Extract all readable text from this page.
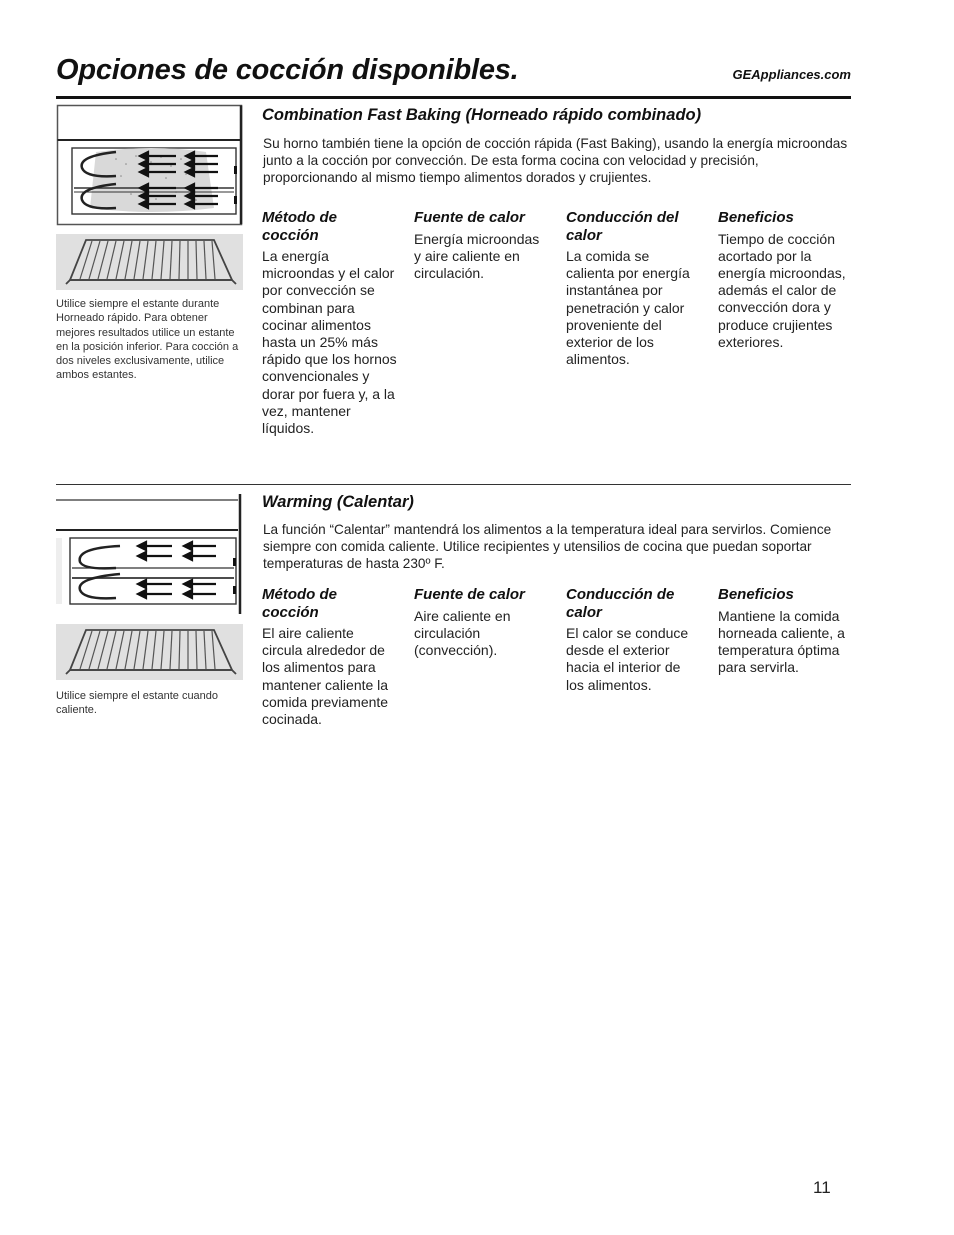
Opciones de cocción disponibles.	GEAppliances.com
Utilice siempre el estante durante Horneado rápido. Para obtener mejores resultados utilice un estante en la posición inferior. Para cocción a dos niveles exclusivamente, utilice ambos estantes.
Combination Fast Baking (Horneado rápido combinado)
Su horno también tiene la opción de cocción rápida (Fast Baking), usando la energía microondas junto a la cocción por convección. De esta forma cocina con velocidad y precisión, proporcionando al mismo tiempo alimentos dorados y crujientes.
Método de cocción
La energía microondas y el calor por convección se combinan para cocinar alimentos hasta un 25% más rápido que los hornos convencionales y dorar por fuera y, a la vez, mantener líquidos.
Fuente de calor
Energía microondas y aire caliente en circulación.
Conducción del calor
La comida se calienta por energía instantánea por penetración y calor proveniente del exterior de los alimentos.
Beneficios
Tiempo de cocción acortado por la energía microondas, además el calor de convección dora y produce crujientes exteriores.
Utilice siempre el estante cuando caliente.
Warming (Calentar)
La función “Calentar” mantendrá los alimentos a la temperatura ideal para servirlos. Comience siempre con comida caliente. Utilice recipientes y utensilios de cocina que puedan soportar temperaturas de hasta 230º F.
Método de cocción
El aire caliente circula alrededor de los alimentos para mantener caliente la comida previamente cocinada.
Fuente de calor
Aire caliente en circulación (convección).
Conducción de calor
El calor se conduce desde el exterior hacia el interior de los alimentos.
Beneficios
Mantiene la comida horneada caliente, a temperatura óptima para servirla.
11
